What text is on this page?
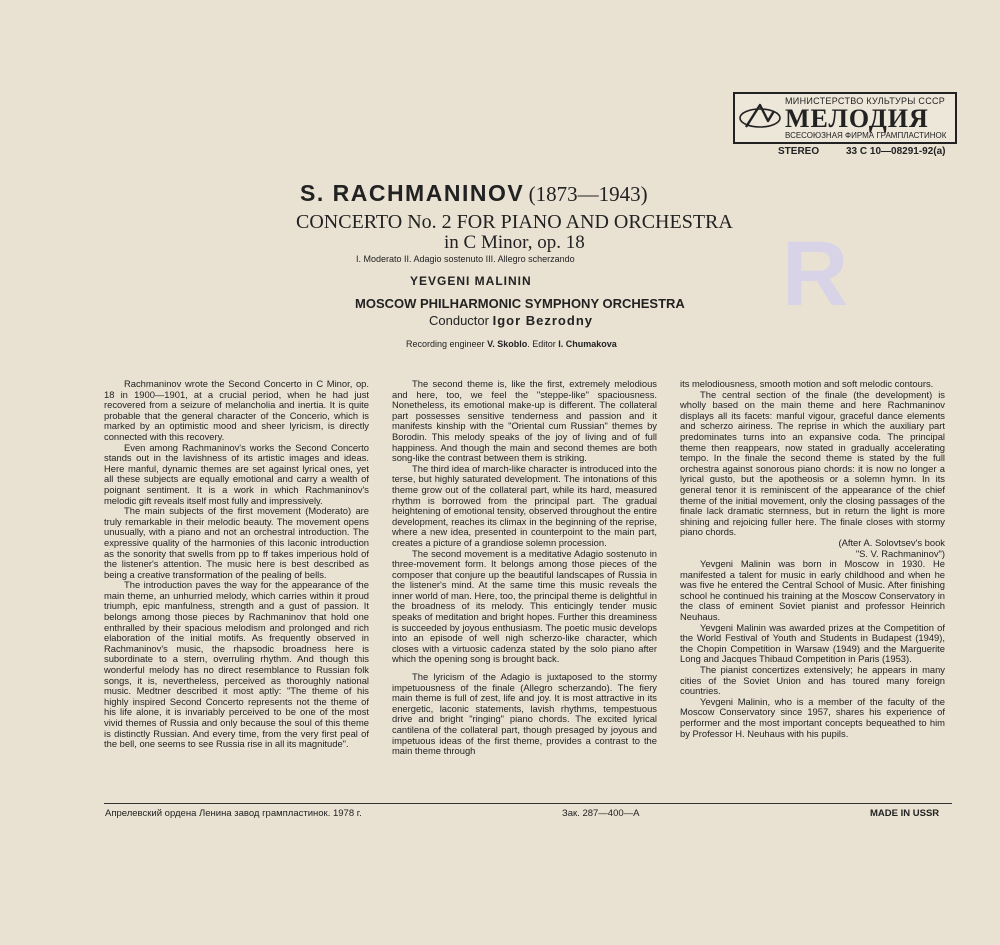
МИНИСТЕРСТВО КУЛЬТУРЫ СССР
МЕЛОДИЯ
ВСЕСОЮЗНАЯ ФИРМА ГРАМПЛАСТИНОК
STEREO	33 C 10—08291-92(a)
R
S. RACHMANINOV (1873—1943)
CONCERTO No. 2 FOR PIANO AND ORCHESTRA
in C Minor, op. 18
I. Moderato II. Adagio sostenuto III. Allegro scherzando
YEVGENI MALININ
MOSCOW PHILHARMONIC SYMPHONY ORCHESTRA
Conductor Igor Bezrodny
Recording engineer V. Skoblo. Editor I. Chumakova

Rachmaninov wrote the Second Concerto in C Minor, op. 18 in 1900—1901, at a crucial period, when he had just recovered from a seizure of melancholia and inertia. It is quite probable that the general character of the Concerio, which is marked by an optimistic mood and sheer lyricism, is directly connected with this recovery.

Even among Rachmaninov's works the Second Concerto stands out in the lavishness of its artistic images and ideas. Here manful, dynamic themes are set against lyrical ones, yet all these subjects are equally emotional and carry a wealth of poignant sentiment. It is a work in which Rachmaninov's melodic gift reveals itself most fully and impressively.

The main subjects of the first movement (Moderato) are truly remarkable in their melodic beauty. The movement opens unusually, with a piano and not an orchestral introduction. The expressive quality of the harmonies of this laconic introduction as the sonority that swells from pp to ff takes imperious hold of the listener's attention. The music here is best described as being a creative transformation of the pealing of bells.

The introduction paves the way for the appearance of the main theme, an unhurried melody, which carries within it proud triumph, epic manfulness, strength and a gust of passion. It belongs among those pieces by Rachmaninov that hold one enthralled by their spacious melodism and prolonged and rich elaboration of the initial motifs. As frequently observed in Rachmaninov's music, the rhapsodic broadness here is subordinate to a stern, overruling rhythm. And though this wonderful melody has no direct resemblance to Russian folk songs, it is, nevertheless, perceived as thoroughly national music. Medtner described it most aptly: "The theme of his highly inspired Second Concerto represents not the theme of his life alone, it is invariably perceived to be one of the most vivid themes of Russia and only because the soul of this theme is distinctly Russian. And every time, from the very first peal of the bell, one seems to see Russia rise in all its magnitude".

The second theme is, like the first, extremely melodious and here, too, we feel the "steppe-like" spaciousness. Nonetheless, its emotional make-up is different. The collateral part possesses sensitive tenderness and passion and it manifests kinship with the "Oriental cum Russian" themes by Borodin. This melody speaks of the joy of living and of full happiness. And though the main and second themes are both song-like the contrast between them is striking.

The third idea of march-like character is introduced into the terse, but highly saturated development. The intonations of this theme grow out of the collateral part, while its hard, measured rhythm is borrowed from the principal part. The gradual heightening of emotional tensity, observed throughout the entire development, reaches its climax in the beginning of the reprise, where a new idea, presented in counterpoint to the main part, creates a picture of a grandiose solemn procession.

The second movement is a meditative Adagio sostenuto in three-movement form. It belongs among those pieces of the composer that conjure up the beautiful landscapes of Russia in the listener's mind. At the same time this music reveals the inner world of man. Here, too, the principal theme is delightful in the broadness of its melody. This enticingly tender music speaks of meditation and bright hopes. Further this dreaminess is succeeded by joyous enthusiasm. The poetic music develops into an episode of well nigh scherzo-like character, which closes with a virtuosic cadenza stated by the solo piano after which the opening song is brought back.

The lyricism of the Adagio is juxtaposed to the stormy impetuousness of the finale (Allegro scherzando). The fiery main theme is full of zest, life and joy. It is most attractive in its energetic, laconic statements, lavish rhythms, tempestuous drive and bright "ringing" piano chords. The excited lyrical cantilena of the collateral part, though presaged by joyous and impetuous ideas of the first theme, provides a contrast to the main theme through

its melodiousness, smooth motion and soft melodic contours.

The central section of the finale (the development) is wholly based on the main theme and here Rachmaninov displays all its facets: manful vigour, graceful dance elements and scherzo airiness. The reprise in which the auxiliary part predominates turns into an expansive coda. The principal theme then reappears, now stated in gradually accelerating tempo. In the finale the second theme is stated by the full orchestra against sonorous piano chords: it is now no longer a lyrical gusto, but the apotheosis or a solemn hymn. In its general tenor it is reminiscent of the appearance of the chief theme of the initial movement, only the closing passages of the finale lack dramatic sternness, but in return the light is more shining and rejoicing fuller here. The finale closes with stormy piano chords.

(After A. Solovtsev's book

"S. V. Rachmaninov")

Yevgeni Malinin was born in Moscow in 1930. He manifested a talent for music in early childhood and when he was five he entered the Central School of Music. After finishing school he continued his training at the Moscow Conservatory in the class of eminent Soviet pianist and professor Heinrich Neuhaus.

Yevgeni Malinin was awarded prizes at the Competition of the World Festival of Youth and Students in Budapest (1949), the Chopin Competition in Warsaw (1949) and the Marguerite Long and Jacques Thibaud Competition in Paris (1953).

The pianist concertizes extensively; he appears in many cities of the Soviet Union and has toured many foreign countries.

Yevgeni Malinin, who is a member of the faculty of the Moscow Conservatory since 1957, shares his experience of performer and the most important concepts bequeathed to him by Professor H. Neuhaus with his pupils.

Апрелевский ордена Ленина завод грампластинок. 1978 г.	Зак. 287—400—А	MADE IN USSR
